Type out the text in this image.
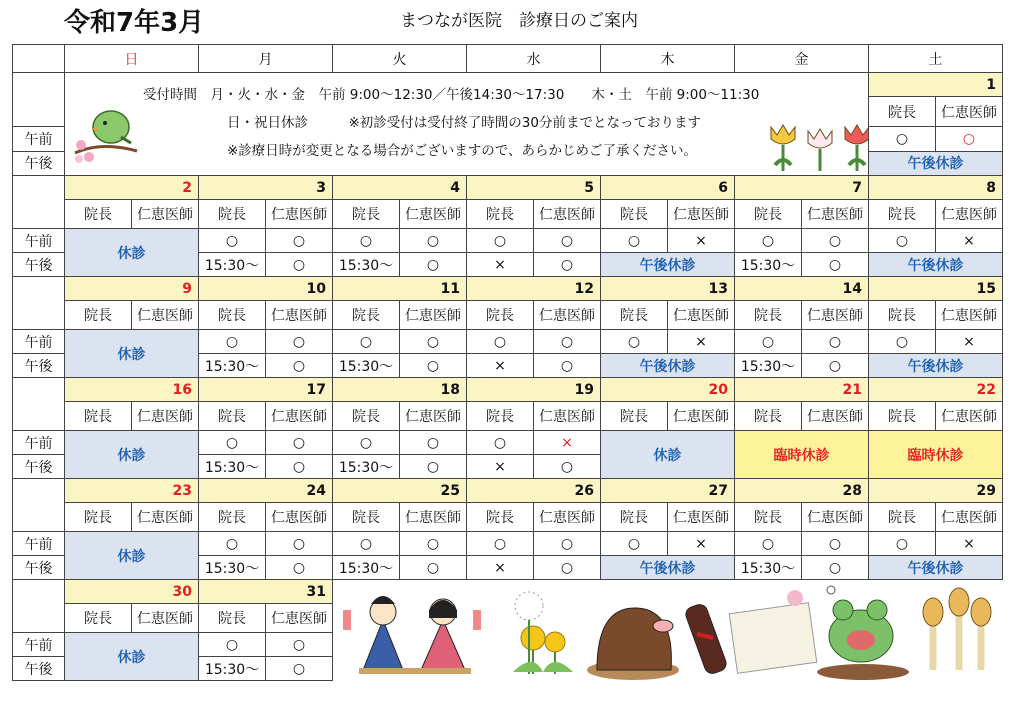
令和7年3月	まつなが医院　診療日のご案内
	日		月		火		水		木		金		土	

	受付時間　月・火・水・金　午前 9:00〜12:30／午後14:30〜17:30　　木・土　午前 9:00〜11:30
日・祝日休診　　　※初診受付は受付終了時間の30分前までとなっております
※診療日時が変更となる場合がございますので、あらかじめご了承ください。												1	
													院長	仁恵医師
午前													○	○
午後													午後休診	
	2		3		4		5		6		7		8	
	院長	仁恵医師	院長	仁恵医師	院長	仁恵医師	院長	仁恵医師	院長	仁恵医師	院長	仁恵医師	院長	仁恵医師
午前	休診		○	○	○	○	○	○	○	×	○	○	○	×
午後			15:30〜	○	15:30〜	○	×	○	午後休診		15:30〜	○	午後休診	
	9		10		11		12		13		14		15	
	院長	仁恵医師	院長	仁恵医師	院長	仁恵医師	院長	仁恵医師	院長	仁恵医師	院長	仁恵医師	院長	仁恵医師
午前	休診		○	○	○	○	○	○	○	×	○	○	○	×
午後			15:30〜	○	15:30〜	○	×	○	午後休診		15:30〜	○	午後休診	
	16		17		18		19		20		21		22	
	院長	仁恵医師	院長	仁恵医師	院長	仁恵医師	院長	仁恵医師	院長	仁恵医師	院長	仁恵医師	院長	仁恵医師
午前	休診		○	○	○	○	○	×	休診		臨時休診		臨時休診	
午後			15:30〜	○	15:30〜	○	×	○						
	23		24		25		26		27		28		29	
	院長	仁恵医師	院長	仁恵医師	院長	仁恵医師	院長	仁恵医師	院長	仁恵医師	院長	仁恵医師	院長	仁恵医師
午前	休診		○	○	○	○	○	○	○	×	○	○	○	×
午後			15:30〜	○	15:30〜	○	×	○	午後休診		15:30〜	○	午後休診	
	30		31	

	院長	仁恵医師	院長	仁恵医師										
午前	休診		○	○										
午後			15:30〜	○										
